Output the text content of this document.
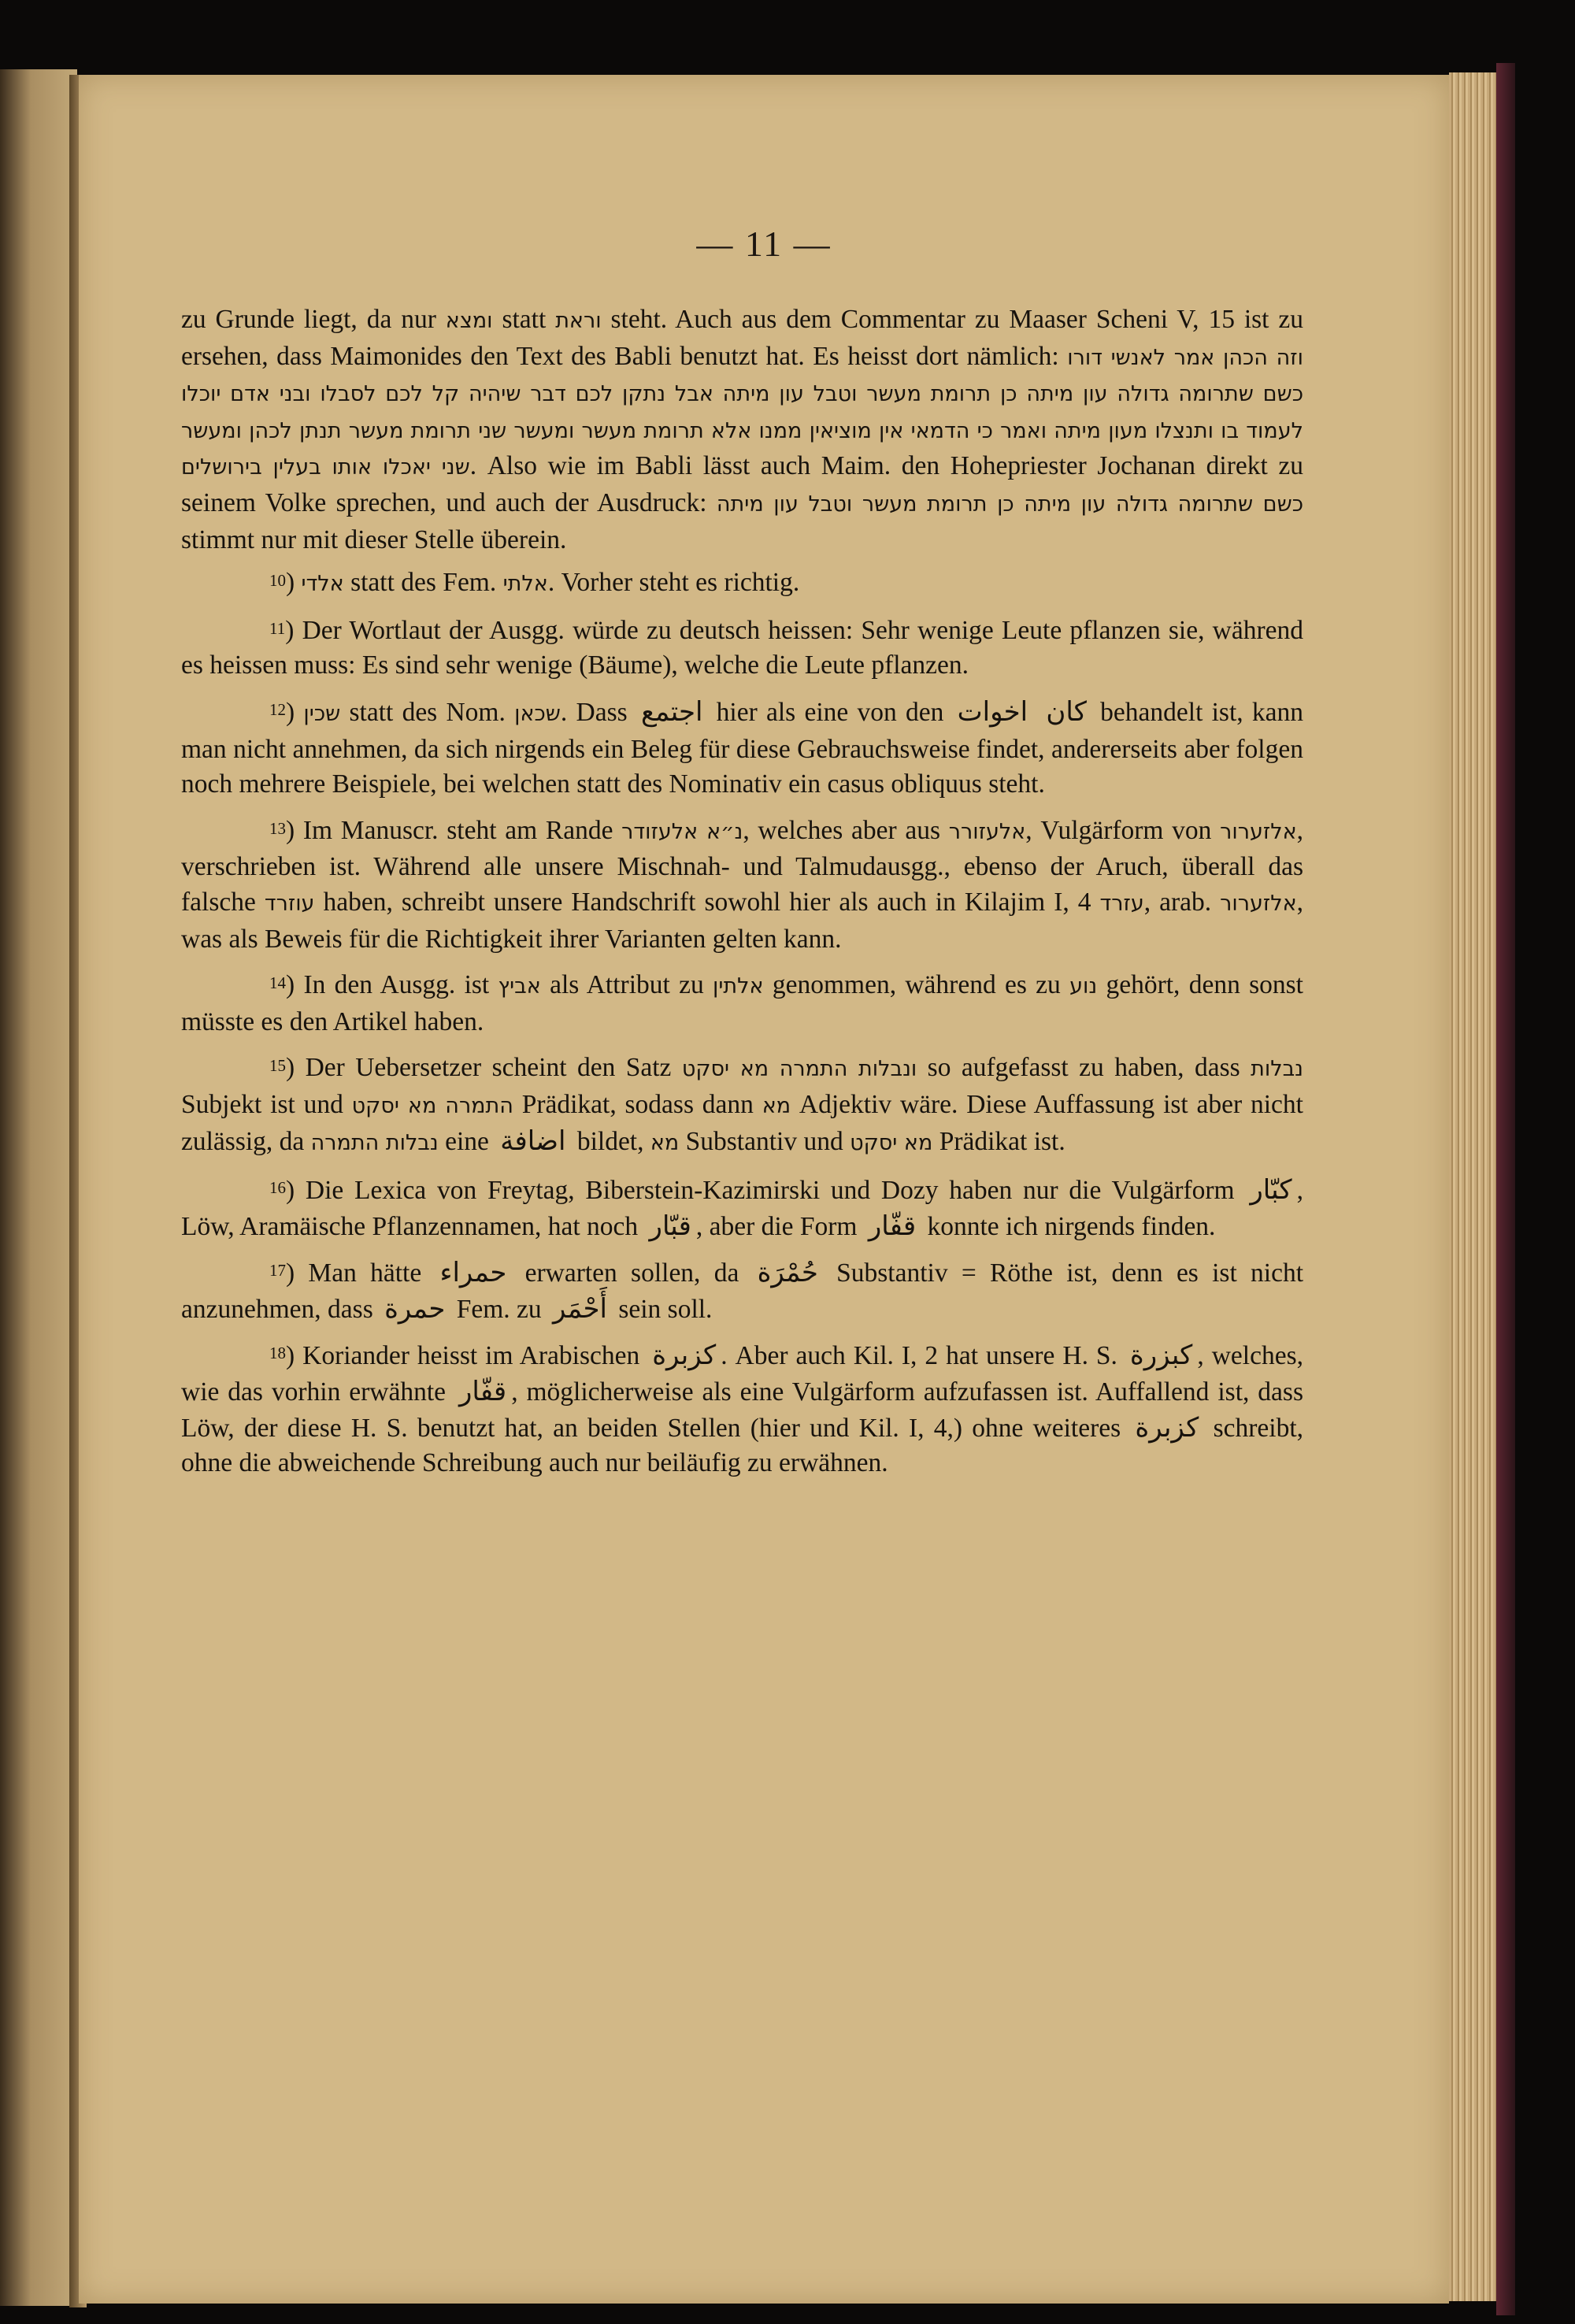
— 11 —

zu Grunde liegt, da nur ומצא statt וראת steht. Auch aus dem Commentar zu Maaser Scheni V, 15 ist zu ersehen, dass Maimonides den Text des Babli benutzt hat. Es heisst dort nämlich: וזה הכהן אמר לאנשי דורו כשם שתרומה גדולה עון מיתה כן תרומת מעשר וטבל עון מיתה אבל נתקן לכם דבר שיהיה קל לכם לסבלו ובני אדם יוכלו לעמוד בו ותנצלו מעון מיתה ואמר כי הדמאי אין מוציאין ממנו אלא תרומת מעשר ומעשר שני תרומת מעשר תנתן לכהן ומעשר שני יאכלו אותו בעלין בירושלים. Also wie im Babli lässt auch Maim. den Hohepriester Jochanan direkt zu seinem Volke sprechen, und auch der Ausdruck: כשם שתרומה גדולה עון מיתה כן תרומת מעשר וטבל עון מיתה stimmt nur mit dieser Stelle überein.

$^{10}$) אלדי statt des Fem. אלתי. Vorher steht es richtig.

$^{11}$) Der Wortlaut der Ausgg. würde zu deutsch heissen: Sehr wenige Leute pflanzen sie, während es heissen muss: Es sind sehr wenige (Bäume), welche die Leute pflanzen.

$^{12}$) שכין statt des Nom. שכאן. Dass اجتمع hier als eine von den اخوات كان behandelt ist, kann man nicht annehmen, da sich nirgends ein Beleg für diese Gebrauchsweise findet, andererseits aber folgen noch mehrere Beispiele, bei welchen statt des Nominativ ein casus obliquus steht.

$^{13}$) Im Manuscr. steht am Rande נ״א אלעזודר, welches aber aus אלעזורר, Vulgärform von אלזערור, verschrieben ist. Während alle unsere Mischnah- und Talmudausgg., ebenso der Aruch, überall das falsche עוזרד haben, schreibt unsere Handschrift sowohl hier als auch in Kilajim I, 4 עזרד, arab. אלזערור, was als Beweis für die Richtigkeit ihrer Varianten gelten kann.

$^{14}$) In den Ausgg. ist אביץ als Attribut zu אלתין genommen, während es zu נוע gehört, denn sonst müsste es den Artikel haben.

$^{15}$) Der Uebersetzer scheint den Satz ונבלות התמרה מא יסקט so aufgefasst zu haben, dass נבלות Subjekt ist und התמרה מא יסקט Prädikat, sodass dann מא Adjektiv wäre. Diese Auffassung ist aber nicht zulässig, da נבלות התמרה eine اضافة bildet, מא Substantiv und מא יסקט Prädikat ist.

$^{16}$) Die Lexica von Freytag, Biberstein-Kazimirski und Dozy haben nur die Vulgärform كبّار , Löw, Aramäische Pflanzennamen, hat noch قبّار , aber die Form قفّار konnte ich nirgends finden.

$^{17}$) Man hätte حمراء erwarten sollen, da حُمْرَة Substantiv = Röthe ist, denn es ist nicht anzunehmen, dass حمرة Fem. zu أَحْمَر sein soll.

$^{18}$) Koriander heisst im Arabischen كزبرة . Aber auch Kil. I, 2 hat unsere H. S. كبزرة , welches, wie das vorhin erwähnte قفّار , möglicherweise als eine Vulgärform aufzufassen ist. Auffallend ist, dass Löw, der diese H. S. benutzt hat, an beiden Stellen (hier und Kil. I, 4,) ohne weiteres كزبرة schreibt, ohne die abweichende Schreibung auch nur beiläufig zu erwähnen.
